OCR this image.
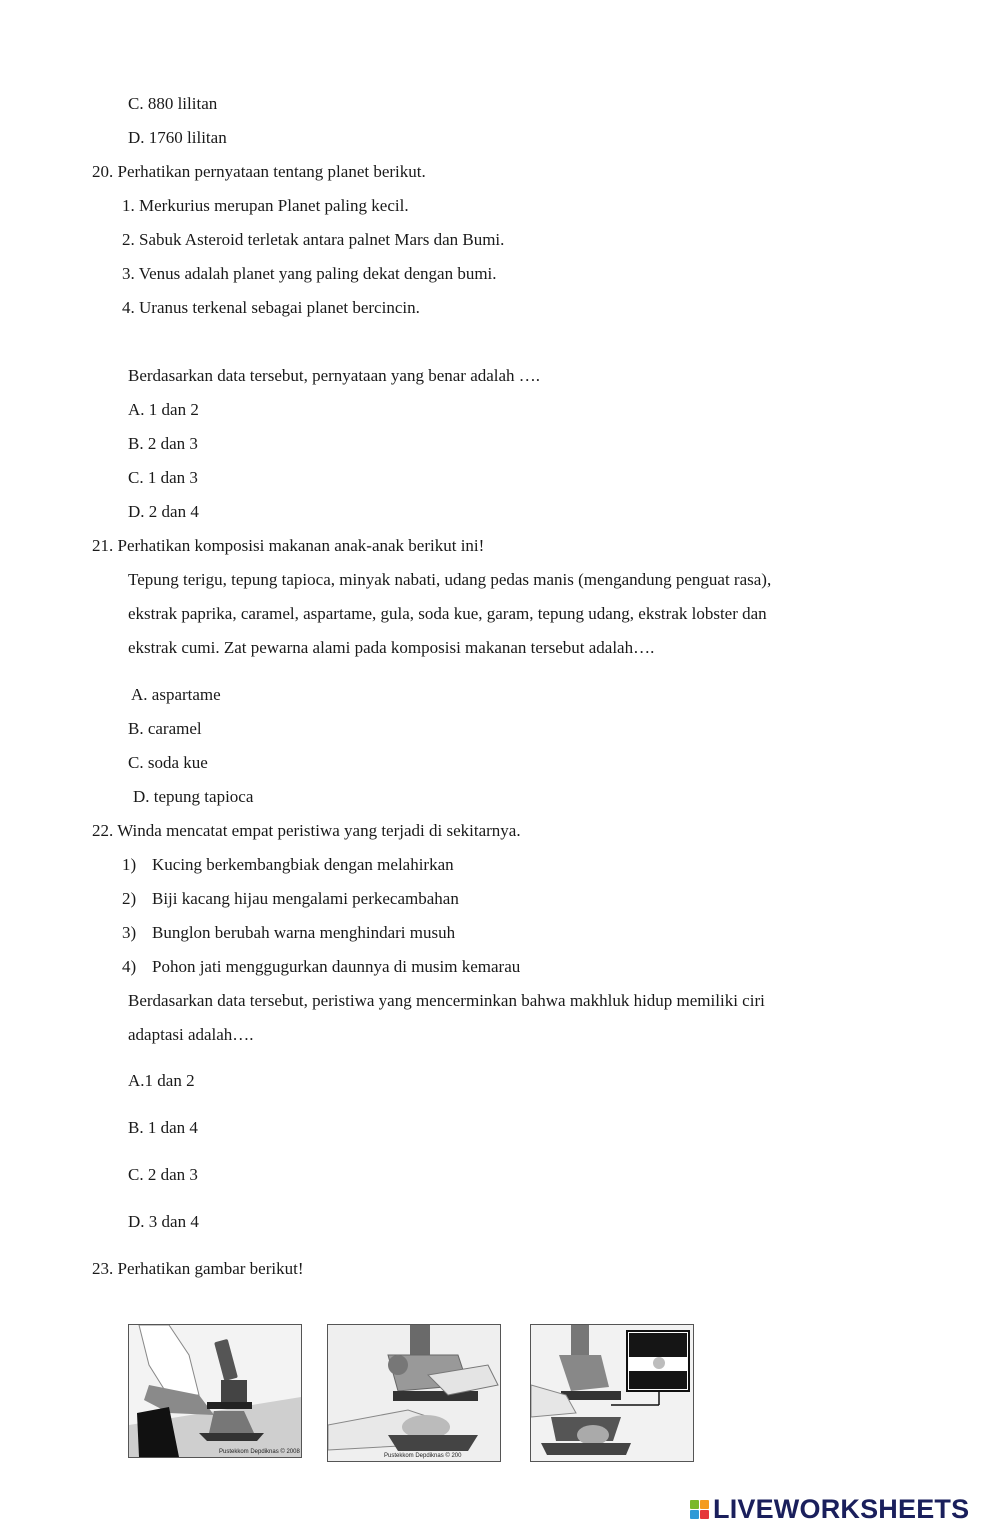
C. 880 lilitan
D. 1760 lilitan
20. Perhatikan pernyataan tentang planet berikut.
1. Merkurius merupan Planet paling kecil.
2. Sabuk Asteroid terletak antara palnet Mars dan Bumi.
3. Venus adalah planet yang paling dekat dengan bumi.
4. Uranus terkenal sebagai planet bercincin.
Berdasarkan data tersebut, pernyataan yang benar adalah ….
A. 1 dan 2
B. 2 dan 3
C. 1 dan 3
D. 2 dan 4
21. Perhatikan komposisi makanan anak-anak berikut ini!
Tepung terigu, tepung tapioca, minyak nabati, udang pedas manis (mengandung penguat rasa),
ekstrak paprika, caramel, aspartame, gula, soda kue, garam, tepung udang, ekstrak lobster dan
ekstrak cumi. Zat pewarna alami pada komposisi makanan tersebut adalah….
A. aspartame
B. caramel
C. soda kue
D. tepung tapioca
22. Winda mencatat empat peristiwa yang terjadi di sekitarnya.
1) Kucing berkembangbiak dengan melahirkan
2) Biji kacang hijau mengalami perkecambahan
3) Bunglon berubah warna menghindari musuh
4) Pohon jati menggugurkan daunnya di musim kemarau
Berdasarkan data tersebut, peristiwa yang mencerminkan bahwa makhluk hidup memiliki ciri
adaptasi adalah….
A.1 dan 2
B. 1 dan 4
C. 2 dan 3
D. 3 dan 4
23. Perhatikan gambar berikut!
Pustekkom Depdiknas © 2008
Pustekkom Depdiknas © 200
LIVEWORKSHEETS
